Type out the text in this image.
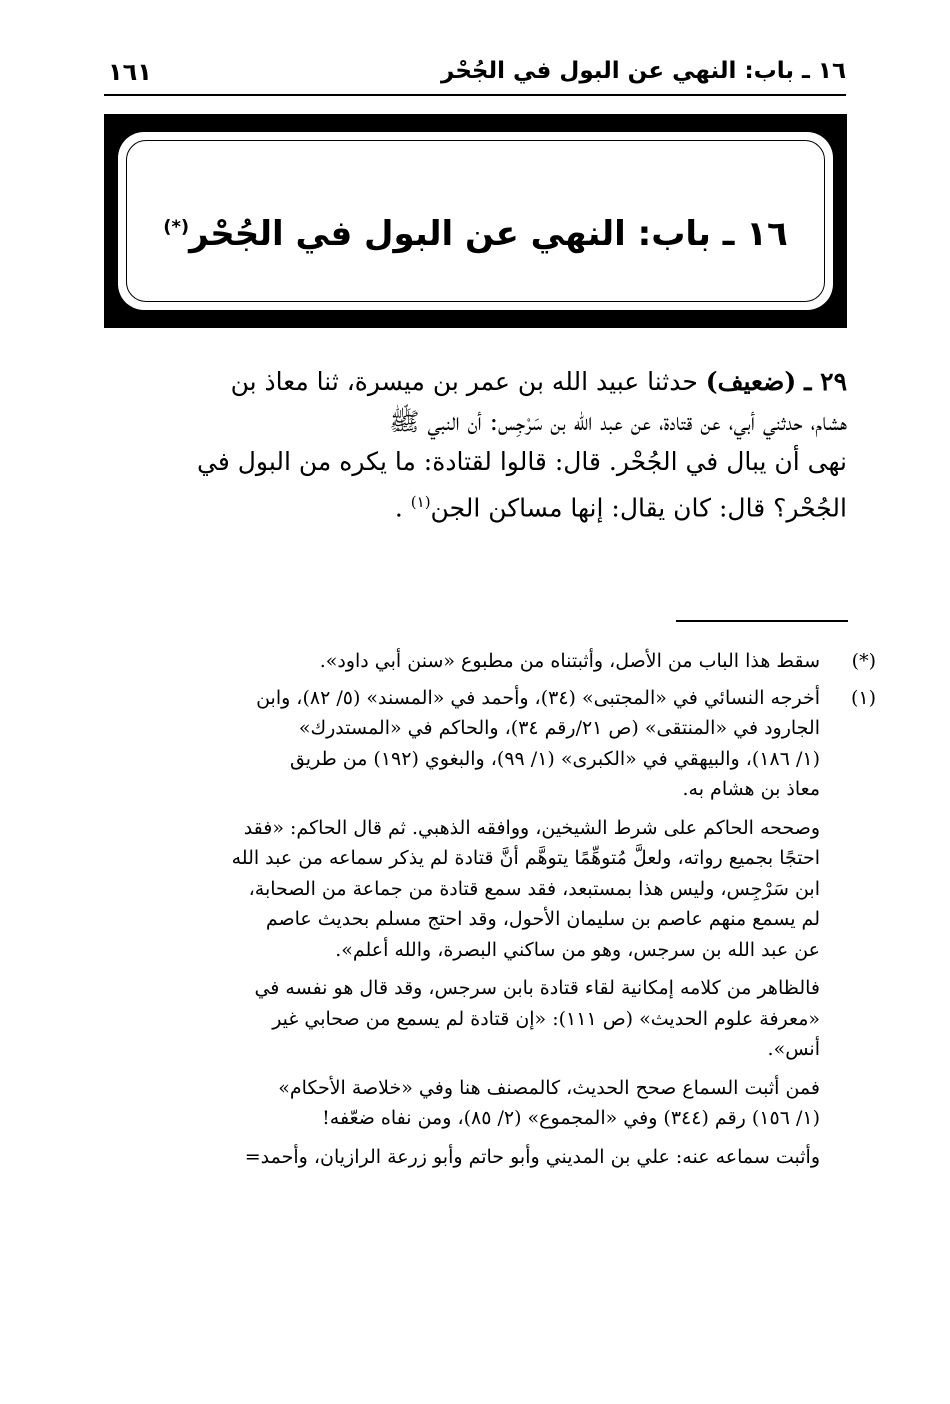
١٦ ـ باب: النهي عن البول في الجُحْر
١٦١
١٦ ـ باب: النهي عن البول في الجُحْر(*)
٢٩ ـ (ضعيف) حدثنا عبيد الله بن عمر بن ميسرة، ثنا معاذ بن
هشام، حدثني أبي، عن قتادة، عن عبد الله بن سَرْجِس: أن النبي ﷺ
نهى أن يبال في الجُحْر. قال: قالوا لقتادة: ما يكره من البول في
الجُحْر؟ قال: كان يقال: إنها مساكن الجن$^{(١)}$ .
(*)
سقط هذا الباب من الأصل، وأثبتناه من مطبوع «سنن أبي داود».
(١)
أخرجه النسائي في «المجتبى» (٣٤)، وأحمد في «المسند» (٥/ ٨٢)، وابن
الجارود في «المنتقى» (ص ٢١/رقم ٣٤)، والحاكم في «المستدرك»
(١/ ١٨٦)، والبيهقي في «الكبرى» (١/ ٩٩)، والبغوي (١٩٢) من طريق
معاذ بن هشام به.
وصححه الحاكم على شرط الشيخين، ووافقه الذهبي. ثم قال الحاكم: «فقد
احتجًا بجميع رواته، ولعلَّ مُتوهِّمًا يتوهَّم أنَّ قتادة لم يذكر سماعه من عبد الله
ابن سَرْجِس، وليس هذا بمستبعد، فقد سمع قتادة من جماعة من الصحابة،
لم يسمع منهم عاصم بن سليمان الأحول، وقد احتج مسلم بحديث عاصم
عن عبد الله بن سرجس، وهو من ساكني البصرة، والله أعلم».
فالظاهر من كلامه إمكانية لقاء قتادة بابن سرجس، وقد قال هو نفسه في
«معرفة علوم الحديث» (ص ١١١): «إن قتادة لم يسمع من صحابي غير
أنس».
فمن أثبت السماع صحح الحديث، كالمصنف هنا وفي «خلاصة الأحكام»
(١/ ١٥٦) رقم (٣٤٤) وفي «المجموع» (٢/ ٨٥)، ومن نفاه ضعّفه!
وأثبت سماعه عنه: علي بن المديني وأبو حاتم وأبو زرعة الرازيان، وأحمد=
